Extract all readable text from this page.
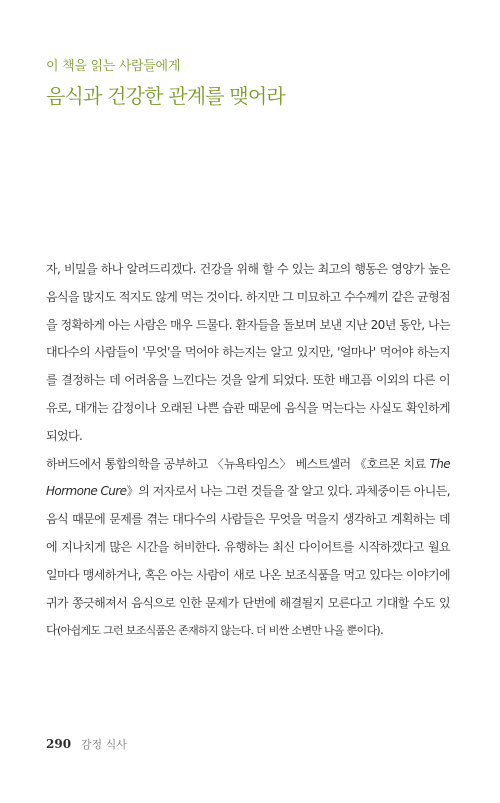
이 책을 읽는 사람들에게

음식과 건강한 관계를 맺어라

자, 비밀을 하나 알려드리겠다. 건강을 위해 할 수 있는 최고의 행동은 영양가 높은 음식을 많지도 적지도 않게 먹는 것이다. 하지만 그 미묘하고 수수께끼 같은 균형점을 정확하게 아는 사람은 매우 드물다. 환자들을 돌보며 보낸 지난 20년 동안, 나는 대다수의 사람들이 '무엇'을 먹어야 하는지는 알고 있지만, '얼마나' 먹어야 하는지를 결정하는 데 어려움을 느낀다는 것을 알게 되었다. 또한 배고픔 이외의 다른 이유로, 대개는 감정이나 오래된 나쁜 습관 때문에 음식을 먹는다는 사실도 확인하게 되었다.

하버드에서 통합의학을 공부하고 〈뉴욕타임스〉 베스트셀러 《호르몬 치료 The Hormone Cure》의 저자로서 나는 그런 것들을 잘 알고 있다. 과체중이든 아니든, 음식 때문에 문제를 겪는 대다수의 사람들은 무엇을 먹을지 생각하고 계획하는 데에 지나치게 많은 시간을 허비한다. 유행하는 최신 다이어트를 시작하겠다고 월요일마다 맹세하거나, 혹은 아는 사람이 새로 나온 보조식품을 먹고 있다는 이야기에 귀가 쫑긋해져서 음식으로 인한 문제가 단번에 해결될지 모른다고 기대할 수도 있다(아쉽게도 그런 보조식품은 존재하지 않는다. 더 비싼 소변만 나올 뿐이다).

290 감정 식사
